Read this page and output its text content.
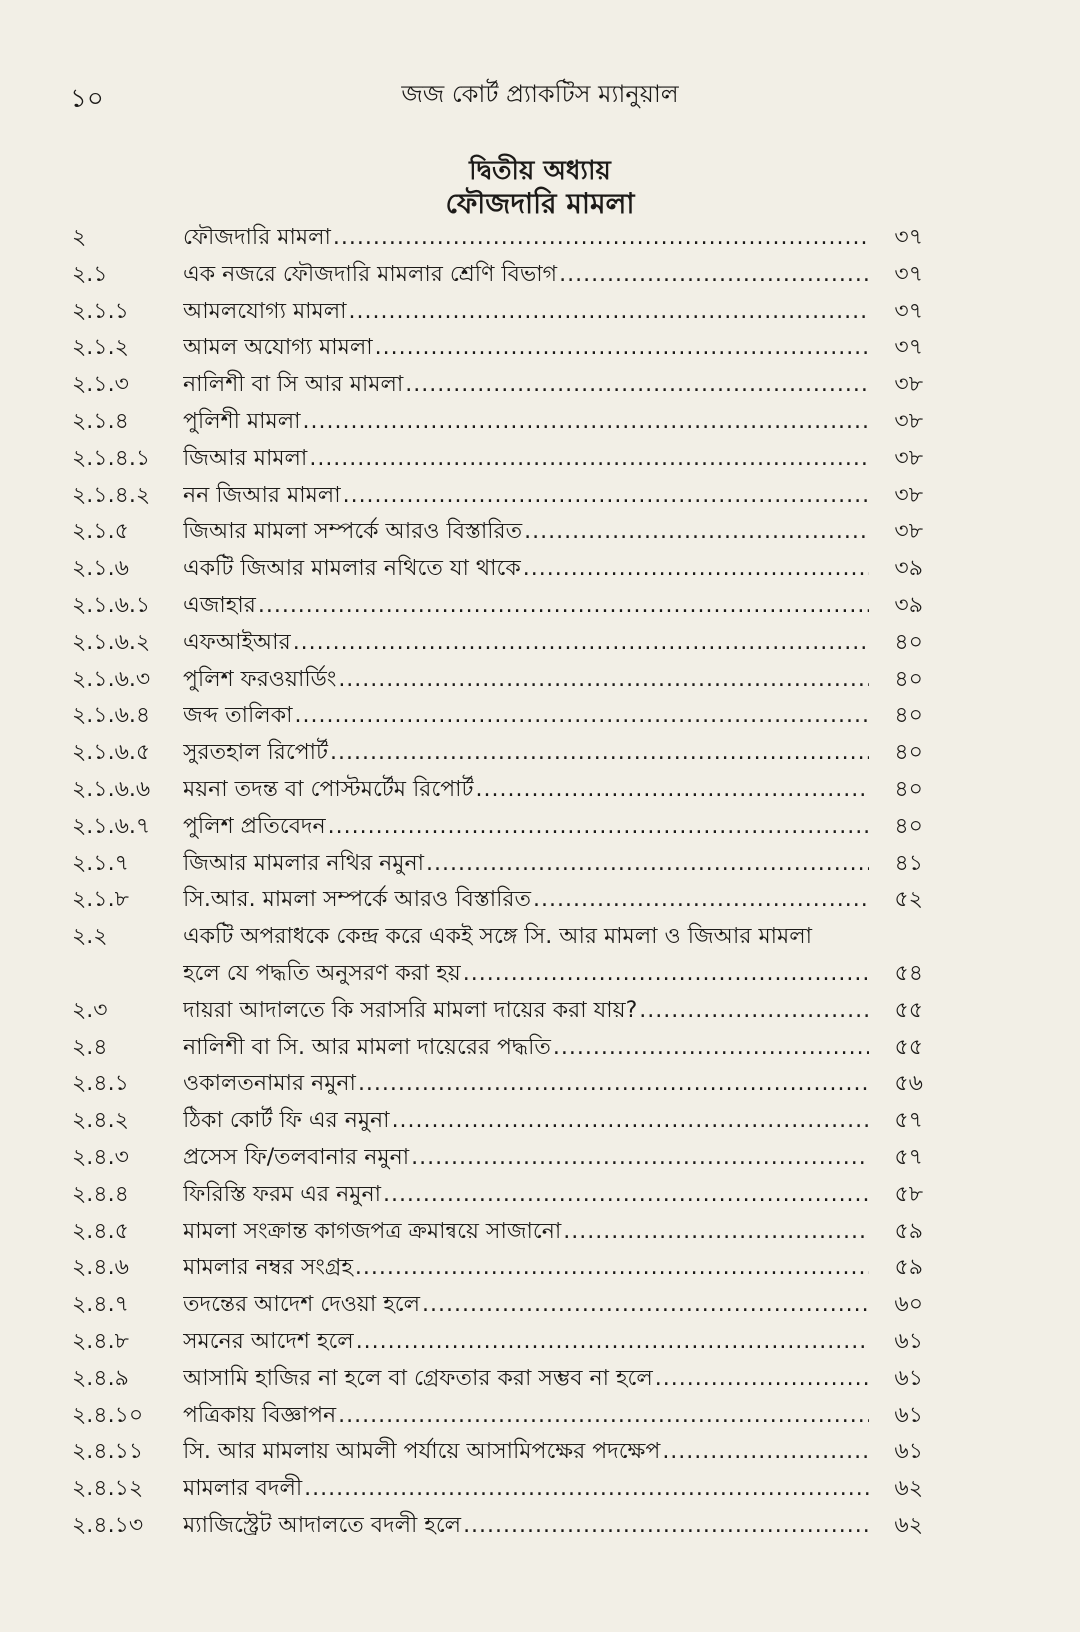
১০	জজ কোর্ট প্র্যাকটিস ম্যানুয়াল
দ্বিতীয় অধ্যায়
ফৌজদারি মামলা
২	ফৌজদারি মামলা .....	৩৭
২.১	এক নজরে ফৌজদারি মামলার শ্রেণি বিভাগ .....	৩৭
২.১.১	আমলযোগ্য মামলা .....	৩৭
২.১.২	আমল অযোগ্য মামলা .....	৩৭
২.১.৩	নালিশী বা সি আর মামলা .....	৩৮
২.১.৪	পুলিশী মামলা .....	৩৮
২.১.৪.১	জিআর মামলা .....	৩৮
২.১.৪.২	নন জিআর মামলা .....	৩৮
২.১.৫	জিআর মামলা সম্পর্কে আরও বিস্তারিত .....	৩৮
২.১.৬	একটি জিআর মামলার নথিতে যা থাকে .....	৩৯
২.১.৬.১	এজাহার .....	৩৯
২.১.৬.২	এফআইআর .....	৪০
২.১.৬.৩	পুলিশ ফরওয়ার্ডিং .....	৪০
২.১.৬.৪	জব্দ তালিকা .....	৪০
২.১.৬.৫	সুরতহাল রিপোর্ট .....	৪০
২.১.৬.৬	ময়না তদন্ত বা পোস্টমর্টেম রিপোর্ট .....	৪০
২.১.৬.৭	পুলিশ প্রতিবেদন .....	৪০
২.১.৭	জিআর মামলার নথির নমুনা .....	৪১
২.১.৮	সি.আর. মামলা সম্পর্কে আরও বিস্তারিত .....	৫২
২.২	একটি অপরাধকে কেন্দ্র করে একই সঙ্গে সি. আর মামলা ও জিআর মামলা
হলে যে পদ্ধতি অনুসরণ করা হয় .....	৫৪
২.৩	দায়রা আদালতে কি সরাসরি মামলা দায়ের করা যায়? .....	৫৫
২.৪	নালিশী বা সি. আর মামলা দায়েরের পদ্ধতি .....	৫৫
২.৪.১	ওকালতনামার নমুনা .....	৫৬
২.৪.২	ঠিকা কোর্ট ফি এর নমুনা .....	৫৭
২.৪.৩	প্রসেস ফি/তলবানার নমুনা .....	৫৭
২.৪.৪	ফিরিস্তি ফরম এর নমুনা .....	৫৮
২.৪.৫	মামলা সংক্রান্ত কাগজপত্র ক্রমান্বয়ে সাজানো .....	৫৯
২.৪.৬	মামলার নম্বর সংগ্রহ .....	৫৯
২.৪.৭	তদন্তের আদেশ দেওয়া হলে .....	৬০
২.৪.৮	সমনের আদেশ হলে .....	৬১
২.৪.৯	আসামি হাজির না হলে বা গ্রেফতার করা সম্ভব না হলে .....	৬১
২.৪.১০	পত্রিকায় বিজ্ঞাপন .....	৬১
২.৪.১১	সি. আর মামলায় আমলী পর্যায়ে আসামিপক্ষের পদক্ষেপ .....	৬১
২.৪.১২	মামলার বদলী .....	৬২
২.৪.১৩	ম্যাজিস্ট্রেট আদালতে বদলী হলে .....	৬২
